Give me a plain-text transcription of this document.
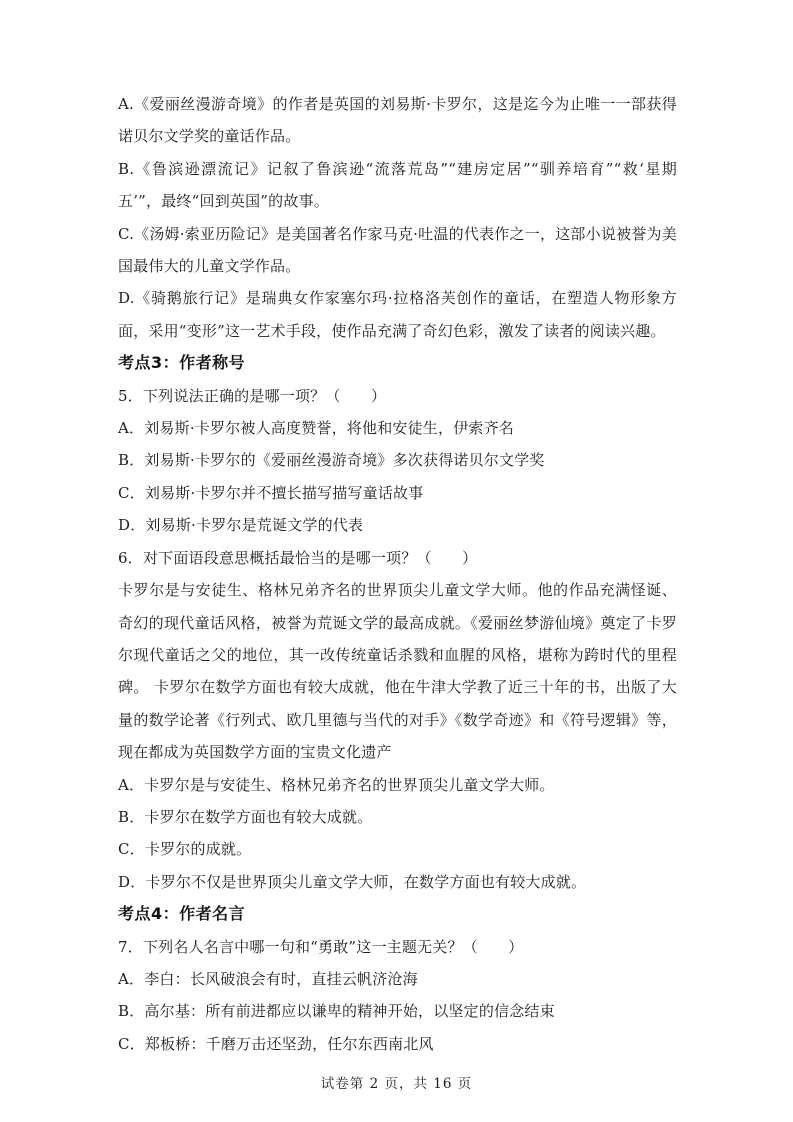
A.《爱丽丝漫游奇境》的作者是英国的刘易斯·卡罗尔，这是迄今为止唯一一部获得诺贝尔文学奖的童话作品。

B.《鲁滨逊漂流记》记叙了鲁滨逊“流落荒岛”“建房定居”“驯养培育”“救‘星期五’”，最终“回到英国”的故事。

C.《汤姆·索亚历险记》是美国著名作家马克·吐温的代表作之一，这部小说被誉为美国最伟大的儿童文学作品。

D.《骑鹅旅行记》是瑞典女作家塞尔玛·拉格洛芙创作的童话，在塑造人物形象方面，采用“变形”这一艺术手段，使作品充满了奇幻色彩，激发了读者的阅读兴趣。

考点3：作者称号

5．下列说法正确的是哪一项？（　　）

A．刘易斯·卡罗尔被人高度赞誉，将他和安徒生，伊索齐名

B．刘易斯·卡罗尔的《爱丽丝漫游奇境》多次获得诺贝尔文学奖

C．刘易斯·卡罗尔并不擅长描写描写童话故事

D．刘易斯·卡罗尔是荒诞文学的代表

6．对下面语段意思概括最恰当的是哪一项？（　　）

卡罗尔是与安徒生、格林兄弟齐名的世界顶尖儿童文学大师。他的作品充满怪诞、奇幻的现代童话风格，被誉为荒诞文学的最高成就。《爱丽丝梦游仙境》奠定了卡罗尔现代童话之父的地位，其一改传统童话杀戮和血腥的风格，堪称为跨时代的里程碑。 卡罗尔在数学方面也有较大成就，他在牛津大学教了近三十年的书，出版了大量的数学论著《行列式、欧几里德与当代的对手》《数学奇迹》和《符号逻辑》等，现在都成为英国数学方面的宝贵文化遗产

A．卡罗尔是与安徒生、格林兄弟齐名的世界顶尖儿童文学大师。

B．卡罗尔在数学方面也有较大成就。

C．卡罗尔的成就。

D．卡罗尔不仅是世界顶尖儿童文学大师，在数学方面也有较大成就。

考点4：作者名言

7．下列名人名言中哪一句和“勇敢”这一主题无关？（　　）

A．李白：长风破浪会有时，直挂云帆济沧海

B．高尔基：所有前进都应以谦卑的精神开始，以坚定的信念结束

C．郑板桥：千磨万击还坚劲，任尔东西南北风

试卷第 2 页，共 16 页
